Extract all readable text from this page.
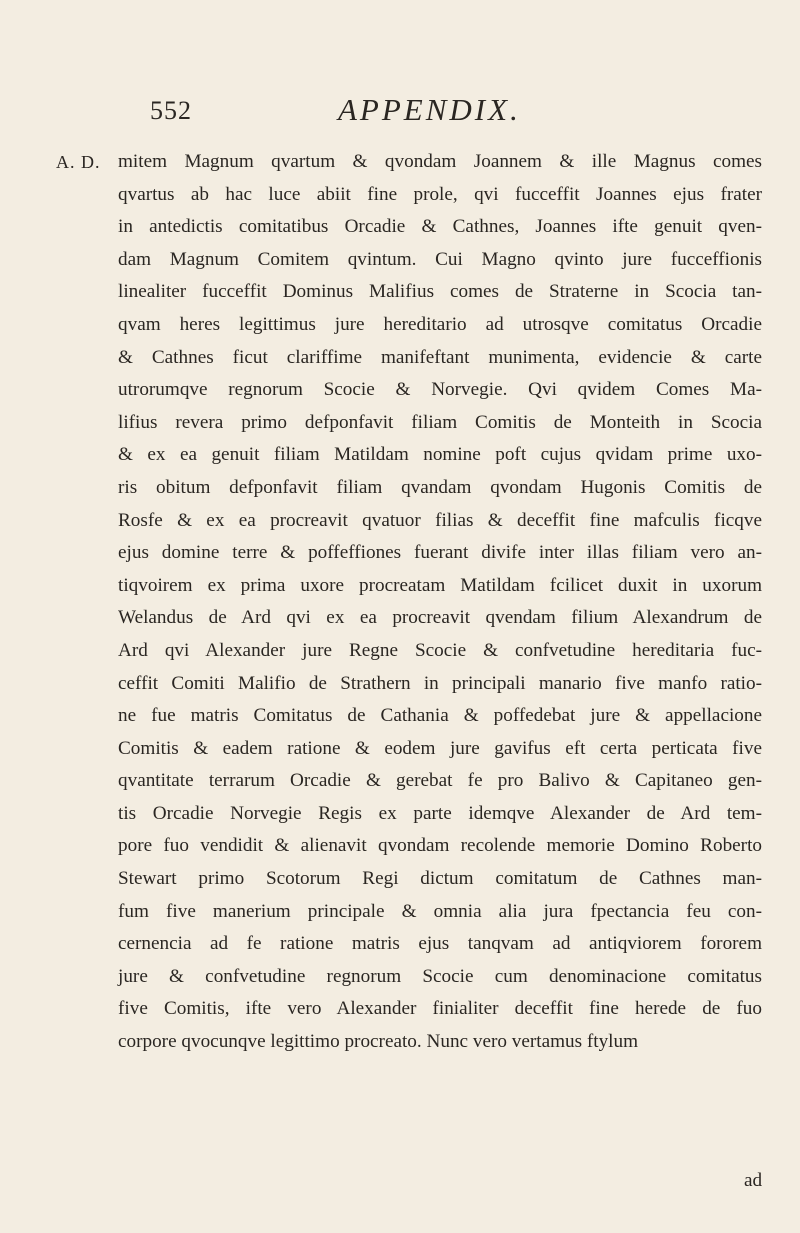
552	APPENDIX.
A. D. mitem Magnum qvartum & qvondam Joannem & ille Magnus comes
qvartus ab hac luce abiit fine prole, qvi fucceffit Joannes ejus frater
in antedictis comitatibus Orcadie & Cathnes, Joannes ifte genuit qven-
dam Magnum Comitem qvintum. Cui Magno qvinto jure fucceffionis
linealiter fucceffit Dominus Malifius comes de Straterne in Scocia tan-
qvam heres legittimus jure hereditario ad utrosqve comitatus Orcadie
& Cathnes ficut clariffime manifeftant munimenta, evidencie & carte
utrorumqve regnorum Scocie & Norvegie. Qvi qvidem Comes Ma-
lifius revera primo defponfavit filiam Comitis de Monteith in Scocia
& ex ea genuit filiam Matildam nomine poft cujus qvidam prime uxo-
ris obitum defponfavit filiam qvandam qvondam Hugonis Comitis de
Rosfe & ex ea procreavit qvatuor filias & deceffit fine mafculis ficqve
ejus domine terre & poffeffiones fuerant divife inter illas filiam vero an-
tiqvoirem ex prima uxore procreatam Matildam fcilicet duxit in uxorum
Welandus de Ard qvi ex ea procreavit qvendam filium Alexandrum de
Ard qvi Alexander jure Regne Scocie & confvetudine hereditaria fuc-
ceffit Comiti Malifio de Strathern in principali manario five manfo ratio-
ne fue matris Comitatus de Cathania & poffedebat jure & appellacione
Comitis & eadem ratione & eodem jure gavifus eft certa perticata five
qvantitate terrarum Orcadie & gerebat fe pro Balivo & Capitaneo gen-
tis Orcadie Norvegie Regis ex parte idemqve Alexander de Ard tem-
pore fuo vendidit & alienavit qvondam recolende memorie Domino Roberto
Stewart primo Scotorum Regi dictum comitatum de Cathnes man-
fum five manerium principale & omnia alia jura fpectancia feu con-
cernencia ad fe ratione matris ejus tanqvam ad antiqviorem fororem
jure & confvetudine regnorum Scocie cum denominacione comitatus
five Comitis, ifte vero Alexander finialiter deceffit fine herede de fuo
corpore qvocunqve legittimo procreato. Nunc vero vertamus ftylum
ad
